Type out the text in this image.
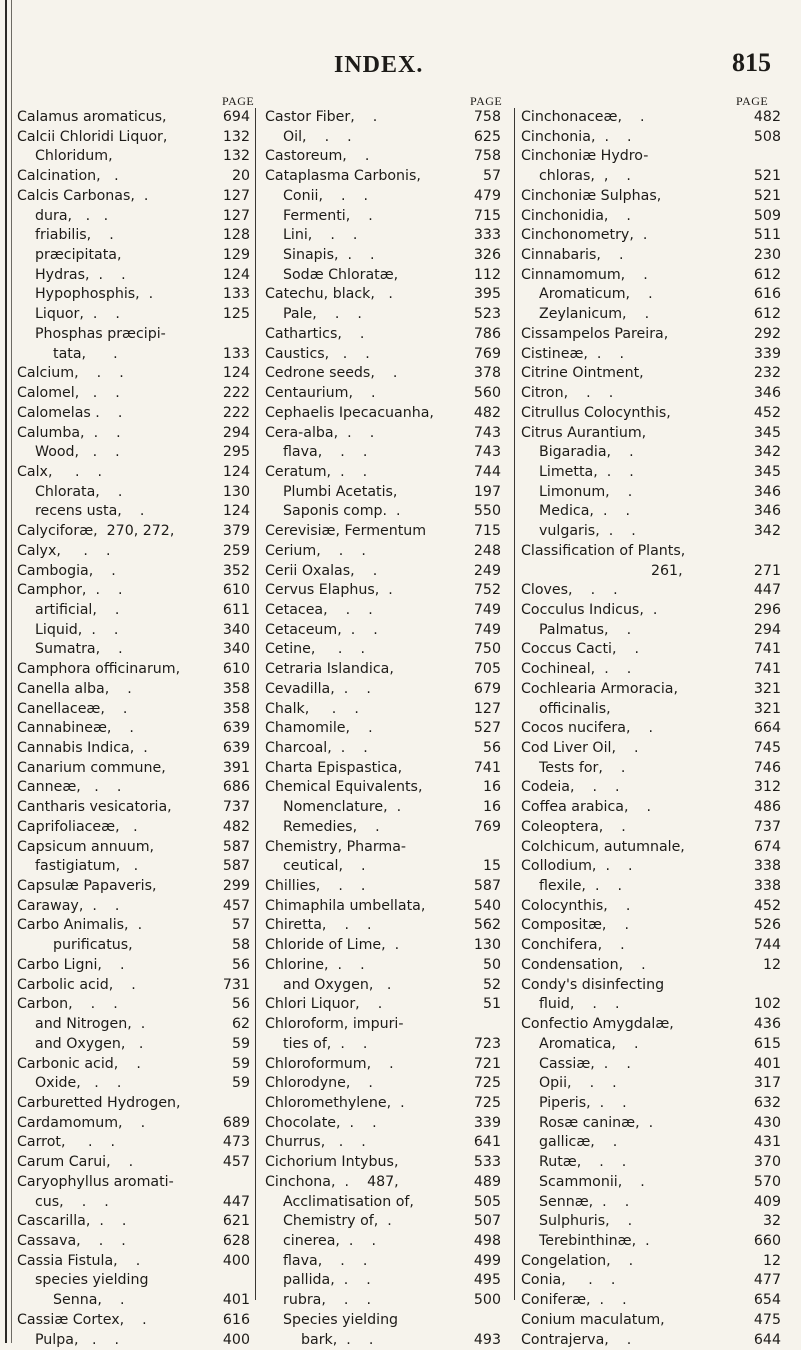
INDEX.	815
PAGE	PAGE	PAGE
Calamus aromaticus,	694
Calcii Chloridi Liquor,	132
Chloridum,	132
Calcination,   .	20
Calcis Carbonas,  .	127
dura,   .   .	127
friabilis,    .	128
præcipitata,	129
Hydras,  .    .	124
Hypophosphis,  .	133
Liquor,  .    .	125
Phosphas præcipi-
tata,      .	133
Calcium,    .    .	124
Calomel,   .    .	222
Calomelas .    .	222
Calumba,  .    .	294
Wood,   .    .	295
Calx,     .    .	124
Chlorata,    .	130
recens usta,    .	124
Calyciforæ,  270, 272,	379
Calyx,     .    .	259
Cambogia,    .	352
Camphor,  .    .	610
artificial,    .	611
Liquid,  .    .	340
Sumatra,    .	340
Camphora officinarum,	610
Canella alba,    .	358
Canellaceæ,    .	358
Cannabineæ,    .	639
Cannabis Indica,  .	639
Canarium commune,	391
Canneæ,   .    .	686
Cantharis vesicatoria,	737
Caprifoliaceæ,   .	482
Capsicum annuum,	587
fastigiatum,   .	587
Capsulæ Papaveris,	299
Caraway,  .    .	457
Carbo Animalis,  .	57
purificatus,	58
Carbo Ligni,    .	56
Carbolic acid,    .	731
Carbon,    .    .	56
and Nitrogen,  .	62
and Oxygen,   .	59
Carbonic acid,    .	59
Oxide,   .    .	59
Carburetted Hydrogen,
Cardamomum,    .	689
Carrot,     .    .	473
Carum Carui,    .	457
Caryophyllus aromati-
cus,    .    .	447
Cascarilla,  .    .	621
Cassava,    .    .	628
Cassia Fistula,    .	400
species yielding
Senna,    .	401
Cassiæ Cortex,    .	616
Pulpa,   .    .	400
Castor Fiber,    .	758
Oil,    .    .	625
Castoreum,    .	758
Cataplasma Carbonis,	57
Conii,    .    .	479
Fermenti,    .	715
Lini,    .    .	333
Sinapis,  .    .	326
Sodæ Chloratæ,	112
Catechu, black,   .	395
Pale,    .    .	523
Cathartics,    .	786
Caustics,   .    .	769
Cedrone seeds,    .	378
Centaurium,    .	560
Cephaelis Ipecacuanha,	482
Cera-alba,  .    .	743
flava,    .    .	743
Ceratum,  .    .	744
Plumbi Acetatis,	197
Saponis comp.  .	550
Cerevisiæ, Fermentum	715
Cerium,    .    .	248
Cerii Oxalas,    .	249
Cervus Elaphus,  .	752
Cetacea,    .    .	749
Cetaceum,  .    .	749
Cetine,     .    .	750
Cetraria Islandica,	705
Cevadilla,  .    .	679
Chalk,     .    .	127
Chamomile,    .	527
Charcoal,  .    .	56
Charta Epispastica,	741
Chemical Equivalents,	16
Nomenclature,  .	16
Remedies,    .	769
Chemistry, Pharma-
ceutical,    .	15
Chillies,    .    .	587
Chimaphila umbellata,	540
Chiretta,    .    .	562
Chloride of Lime,  .	130
Chlorine,  .    .	50
and Oxygen,   .	52
Chlori Liquor,    .	51
Chloroform, impuri-
ties of,  .    .	723
Chloroformum,    .	721
Chlorodyne,    .	725
Chloromethylene,  .	725
Chocolate,  .    .	339
Churrus,   .    .	641
Cichorium Intybus,	533
Cinchona,  .    487,	489
Acclimatisation of,	505
Chemistry of,  .	507
cinerea,  .    .	498
flava,    .    .	499
pallida,  .    .	495
rubra,    .    .	500
Species yielding
bark,  .    .	493
Cinchonaceæ,    .	482
Cinchonia,  .    .	508
Cinchoniæ Hydro-
chloras,  ,    .	521
Cinchoniæ Sulphas,	521
Cinchonidia,    .	509
Cinchonometry,  .	511
Cinnabaris,    .	230
Cinnamomum,    .	612
Aromaticum,    .	616
Zeylanicum,    .	612
Cissampelos Pareira,	292
Cistineæ,  .    .	339
Citrine Ointment,	232
Citron,    .    .	346
Citrullus Colocynthis,	452
Citrus Aurantium,	345
Bigaradia,    .	342
Limetta,  .    .	345
Limonum,    .	346
Medica,  .    .	346
vulgaris,  .    .	342
Classification of Plants,
261,	271
Cloves,    .    .	447
Cocculus Indicus,  .	296
Palmatus,    .	294
Coccus Cacti,    .	741
Cochineal,  .    .	741
Cochlearia Armoracia,	321
officinalis,	321
Cocos nucifera,    .	664
Cod Liver Oil,    .	745
Tests for,    .	746
Codeia,    .    .	312
Coffea arabica,    .	486
Coleoptera,    .	737
Colchicum, autumnale,	674
Collodium,  .    .	338
flexile,  .    .	338
Colocynthis,    .	452
Compositæ,    .	526
Conchifera,    .	744
Condensation,    .	12
Condy's disinfecting
fluid,    .    .	102
Confectio Amygdalæ,	436
Aromatica,    .	615
Cassiæ,  .    .	401
Opii,    .    .	317
Piperis,  .    .	632
Rosæ caninæ,  .	430
gallicæ,    .	431
Rutæ,    .    .	370
Scammonii,    .	570
Sennæ,  .    .	409
Sulphuris,    .	32
Terebinthinæ,  .	660
Congelation,    .	12
Conia,     .    .	477
Coniferæ,  .    .	654
Conium maculatum,	475
Contrajerva,    .	644
